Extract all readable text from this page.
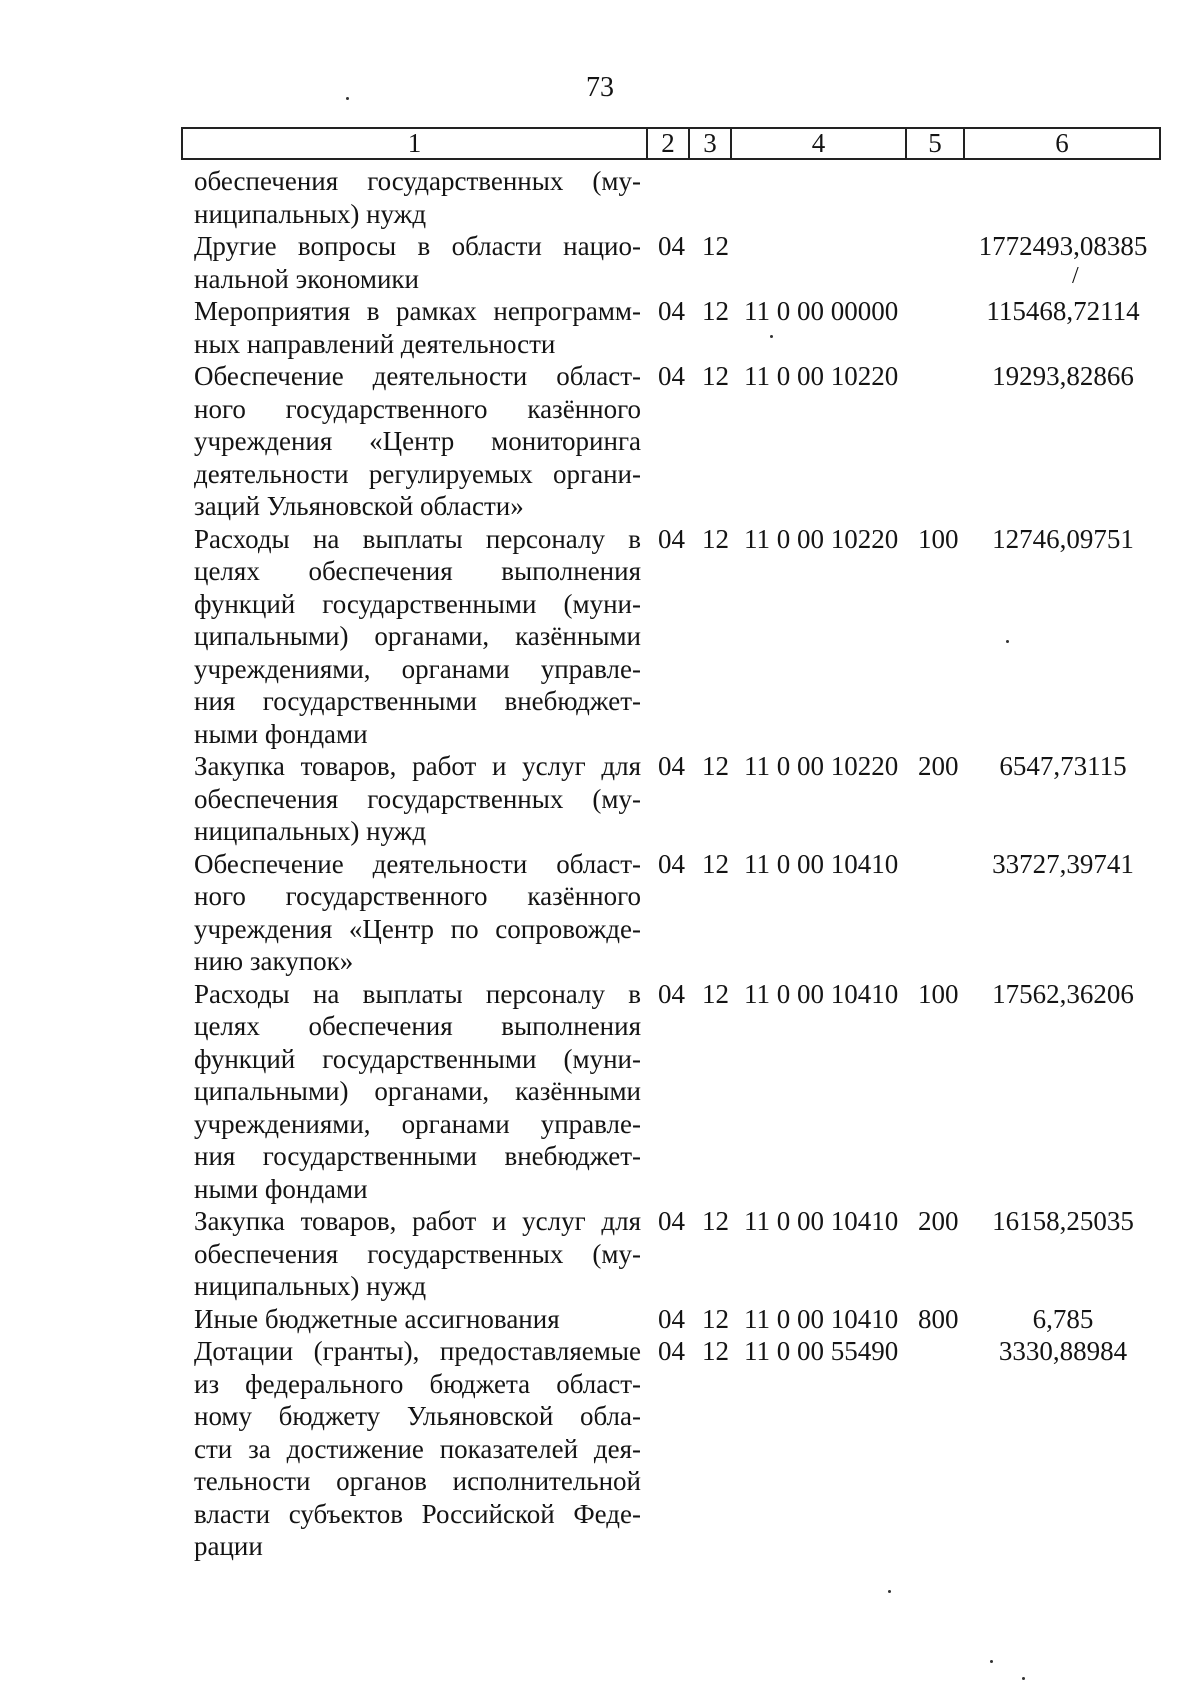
73
1	2	3	4	5	6
обеспечения государственных (му-
ниципальных) нужд
Другие вопросы в области нацио-
нальной экономики
04 12	1772493,08385
/
Мероприятия в рамках непрограмм-
ных направлений деятельности
04 12 11 0 00 00000	115468,72114
Обеспечение деятельности област-
ного государственного казённого
учреждения «Центр мониторинга
деятельности регулируемых органи-
заций Ульяновской области»
04 12 11 0 00 10220	19293,82866
Расходы на выплаты персоналу в
целях обеспечения выполнения
функций государственными (муни-
ципальными) органами, казёнными
учреждениями, органами управле-
ния государственными внебюджет-
ными фондами
04 12 11 0 00 10220 100	12746,09751
Закупка товаров, работ и услуг для
обеспечения государственных (му-
ниципальных) нужд
04 12 11 0 00 10220 200	6547,73115
Обеспечение деятельности област-
ного государственного казённого
учреждения «Центр по сопровожде-
нию закупок»
04 12 11 0 00 10410	33727,39741
Расходы на выплаты персоналу в
целях обеспечения выполнения
функций государственными (муни-
ципальными) органами, казёнными
учреждениями, органами управле-
ния государственными внебюджет-
ными фондами
04 12 11 0 00 10410 100	17562,36206
Закупка товаров, работ и услуг для
обеспечения государственных (му-
ниципальных) нужд
04 12 11 0 00 10410 200	16158,25035
Иные бюджетные ассигнования	04 12 11 0 00 10410 800	6,785
Дотации (гранты), предоставляемые
из федерального бюджета област-
ному бюджету Ульяновской обла-
сти за достижение показателей дея-
тельности органов исполнительной
власти субъектов Российской Феде-
рации
04 12 11 0 00 55490	3330,88984
